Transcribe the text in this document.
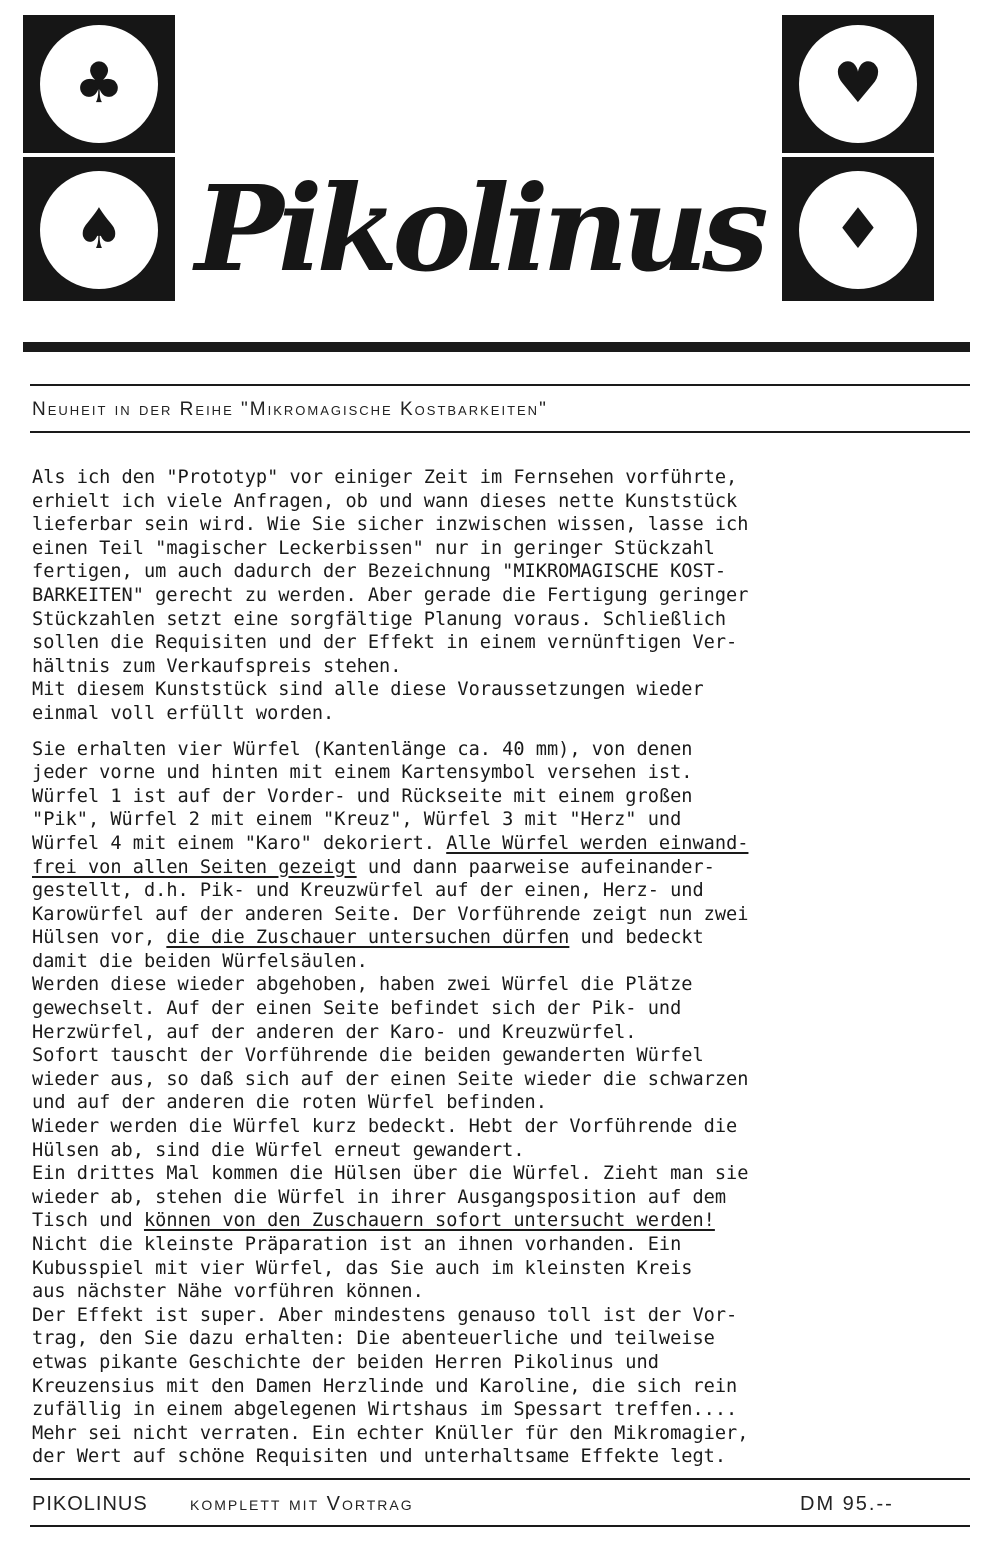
♣
♠
♥
♦
Pikolinus
Neuheit in der Reihe "Mikromagische Kostbarkeiten"

Als ich den "Prototyp" vor einiger Zeit im Fernsehen vorführte,
erhielt ich viele Anfragen, ob und wann dieses nette Kunststück
lieferbar sein wird. Wie Sie sicher inzwischen wissen, lasse ich
einen Teil "magischer Leckerbissen" nur in geringer Stückzahl
fertigen, um auch dadurch der Bezeichnung "MIKROMAGISCHE KOST-
BARKEITEN" gerecht zu werden. Aber gerade die Fertigung geringer
Stückzahlen setzt eine sorgfältige Planung voraus. Schließlich
sollen die Requisiten und der Effekt in einem vernünftigen Ver-
hältnis zum Verkaufspreis stehen.
Mit diesem Kunststück sind alle diese Voraussetzungen wieder
einmal voll erfüllt worden.

Sie erhalten vier Würfel (Kantenlänge ca. 40 mm), von denen
jeder vorne und hinten mit einem Kartensymbol versehen ist.
Würfel 1 ist auf der Vorder- und Rückseite mit einem großen
"Pik", Würfel 2 mit einem "Kreuz", Würfel 3 mit "Herz" und
Würfel 4 mit einem "Karo" dekoriert. Alle Würfel werden einwand-
frei von allen Seiten gezeigt und dann paarweise aufeinander-
gestellt, d.h. Pik- und Kreuzwürfel auf der einen, Herz- und
Karowürfel auf der anderen Seite. Der Vorführende zeigt nun zwei
Hülsen vor, die die Zuschauer untersuchen dürfen und bedeckt
damit die beiden Würfelsäulen.
Werden diese wieder abgehoben, haben zwei Würfel die Plätze
gewechselt. Auf der einen Seite befindet sich der Pik- und
Herzwürfel, auf der anderen der Karo- und Kreuzwürfel.
Sofort tauscht der Vorführende die beiden gewanderten Würfel
wieder aus, so daß sich auf der einen Seite wieder die schwarzen
und auf der anderen die roten Würfel befinden.
Wieder werden die Würfel kurz bedeckt. Hebt der Vorführende die
Hülsen ab, sind die Würfel erneut gewandert.
Ein drittes Mal kommen die Hülsen über die Würfel. Zieht man sie
wieder ab, stehen die Würfel in ihrer Ausgangsposition auf dem
Tisch und können von den Zuschauern sofort untersucht werden!
Nicht die kleinste Präparation ist an ihnen vorhanden. Ein
Kubusspiel mit vier Würfel, das Sie auch im kleinsten Kreis
aus nächster Nähe vorführen können.
Der Effekt ist super. Aber mindestens genauso toll ist der Vor-
trag, den Sie dazu erhalten: Die abenteuerliche und teilweise
etwas pikante Geschichte der beiden Herren Pikolinus und
Kreuzensius mit den Damen Herzlinde und Karoline, die sich rein
zufällig in einem abgelegenen Wirtshaus im Spessart treffen....
Mehr sei nicht verraten. Ein echter Knüller für den Mikromagier,
der Wert auf schöne Requisiten und unterhaltsame Effekte legt.

PIKOLINUS komplett mit Vortrag	DM 95.--
